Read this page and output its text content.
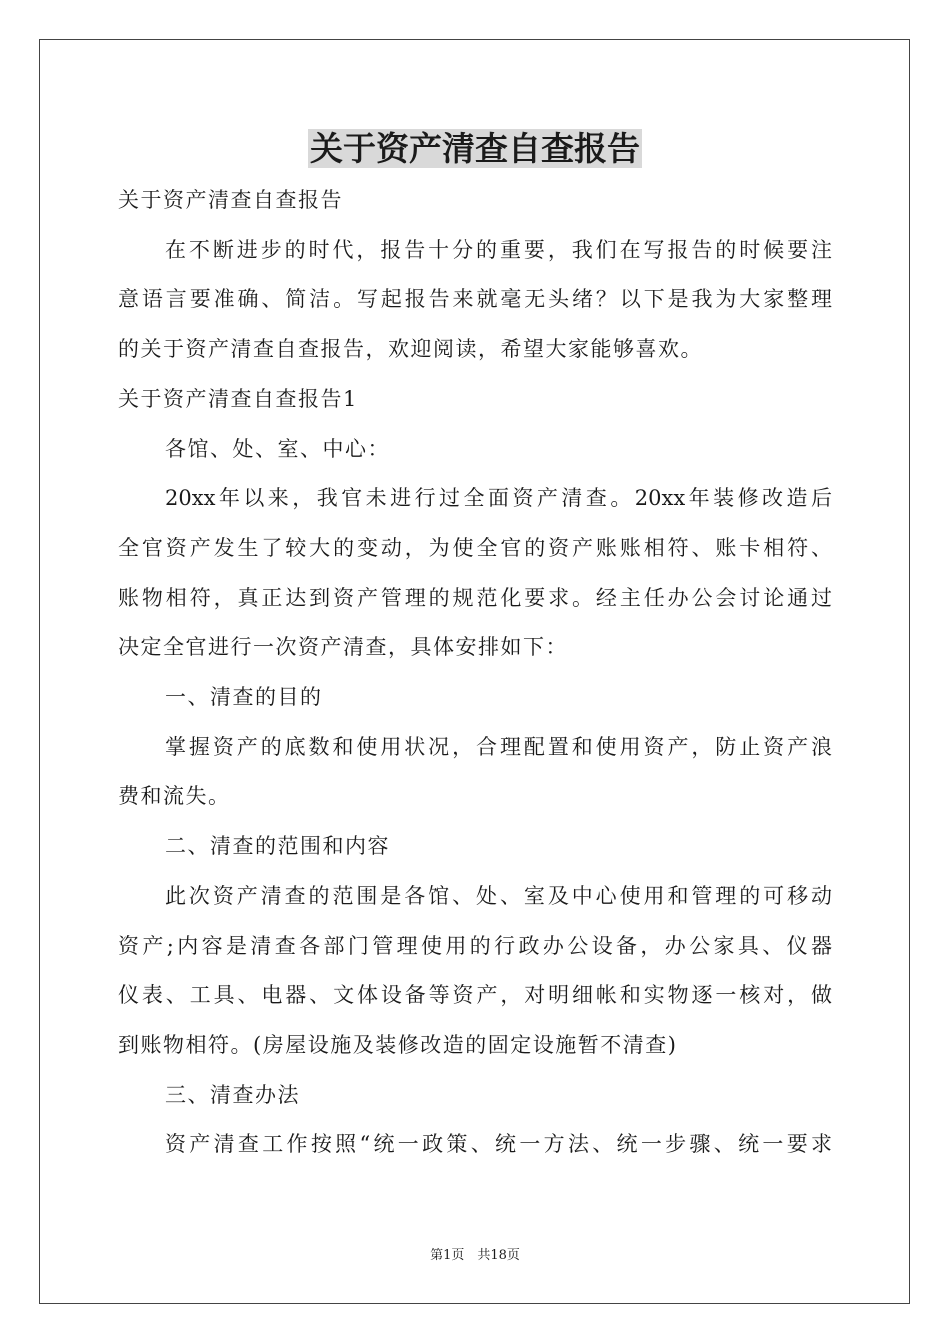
关于资产清查自查报告
关于资产清查自查报告
在不断进步的时代，报告十分的重要，我们在写报告的时候要注
意语言要准确、简洁。写起报告来就毫无头绪？以下是我为大家整理
的关于资产清查自查报告，欢迎阅读，希望大家能够喜欢。
关于资产清查自查报告1
各馆、处、室、中心：
20xx年以来，我官未进行过全面资产清查。20xx年装修改造后
全官资产发生了较大的变动，为使全官的资产账账相符、账卡相符、
账物相符，真正达到资产管理的规范化要求。经主任办公会讨论通过
决定全官进行一次资产清查，具体安排如下：
一、清查的目的
掌握资产的底数和使用状况，合理配置和使用资产，防止资产浪
费和流失。
二、清查的范围和内容
此次资产清查的范围是各馆、处、室及中心使用和管理的可移动
资产;内容是清查各部门管理使用的行政办公设备，办公家具、仪器
仪表、工具、电器、文体设备等资产，对明细帐和实物逐一核对，做
到账物相符。(房屋设施及装修改造的固定设施暂不清查)
三、清查办法
资产清查工作按照“统一政策、统一方法、统一步骤、统一要求
第1页　共18页
